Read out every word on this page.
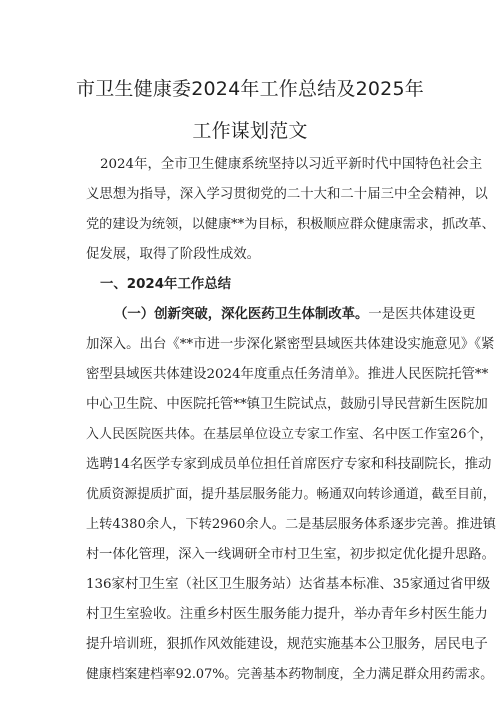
市卫生健康委2024年工作总结及2025年
工作谋划范文
2024年，全市卫生健康系统坚持以习近平新时代中国特色社会主
义思想为指导，深入学习贯彻党的二十大和二十届三中全会精神，以
党的建设为统领，以健康**为目标，积极顺应群众健康需求，抓改革、
促发展，取得了阶段性成效。
一、2024年工作总结
（一）创新突破，深化医药卫生体制改革。一是医共体建设更
加深入。出台《**市进一步深化紧密型县域医共体建设实施意见》《紧
密型县域医共体建设2024年度重点任务清单》。推进人民医院托管**
中心卫生院、中医院托管**镇卫生院试点，鼓励引导民营新生医院加
入人民医院医共体。在基层单位设立专家工作室、名中医工作室26个，
选聘14名医学专家到成员单位担任首席医疗专家和科技副院长，推动
优质资源提质扩面，提升基层服务能力。畅通双向转诊通道，截至目前，
上转4380余人，下转2960余人。二是基层服务体系逐步完善。推进镇
村一体化管理，深入一线调研全市村卫生室，初步拟定优化提升思路。
136家村卫生室（社区卫生服务站）达省基本标准、35家通过省甲级
村卫生室验收。注重乡村医生服务能力提升，举办青年乡村医生能力
提升培训班，狠抓作风效能建设，规范实施基本公卫服务，居民电子
健康档案建档率92.07%。完善基本药物制度，全力满足群众用药需求。
